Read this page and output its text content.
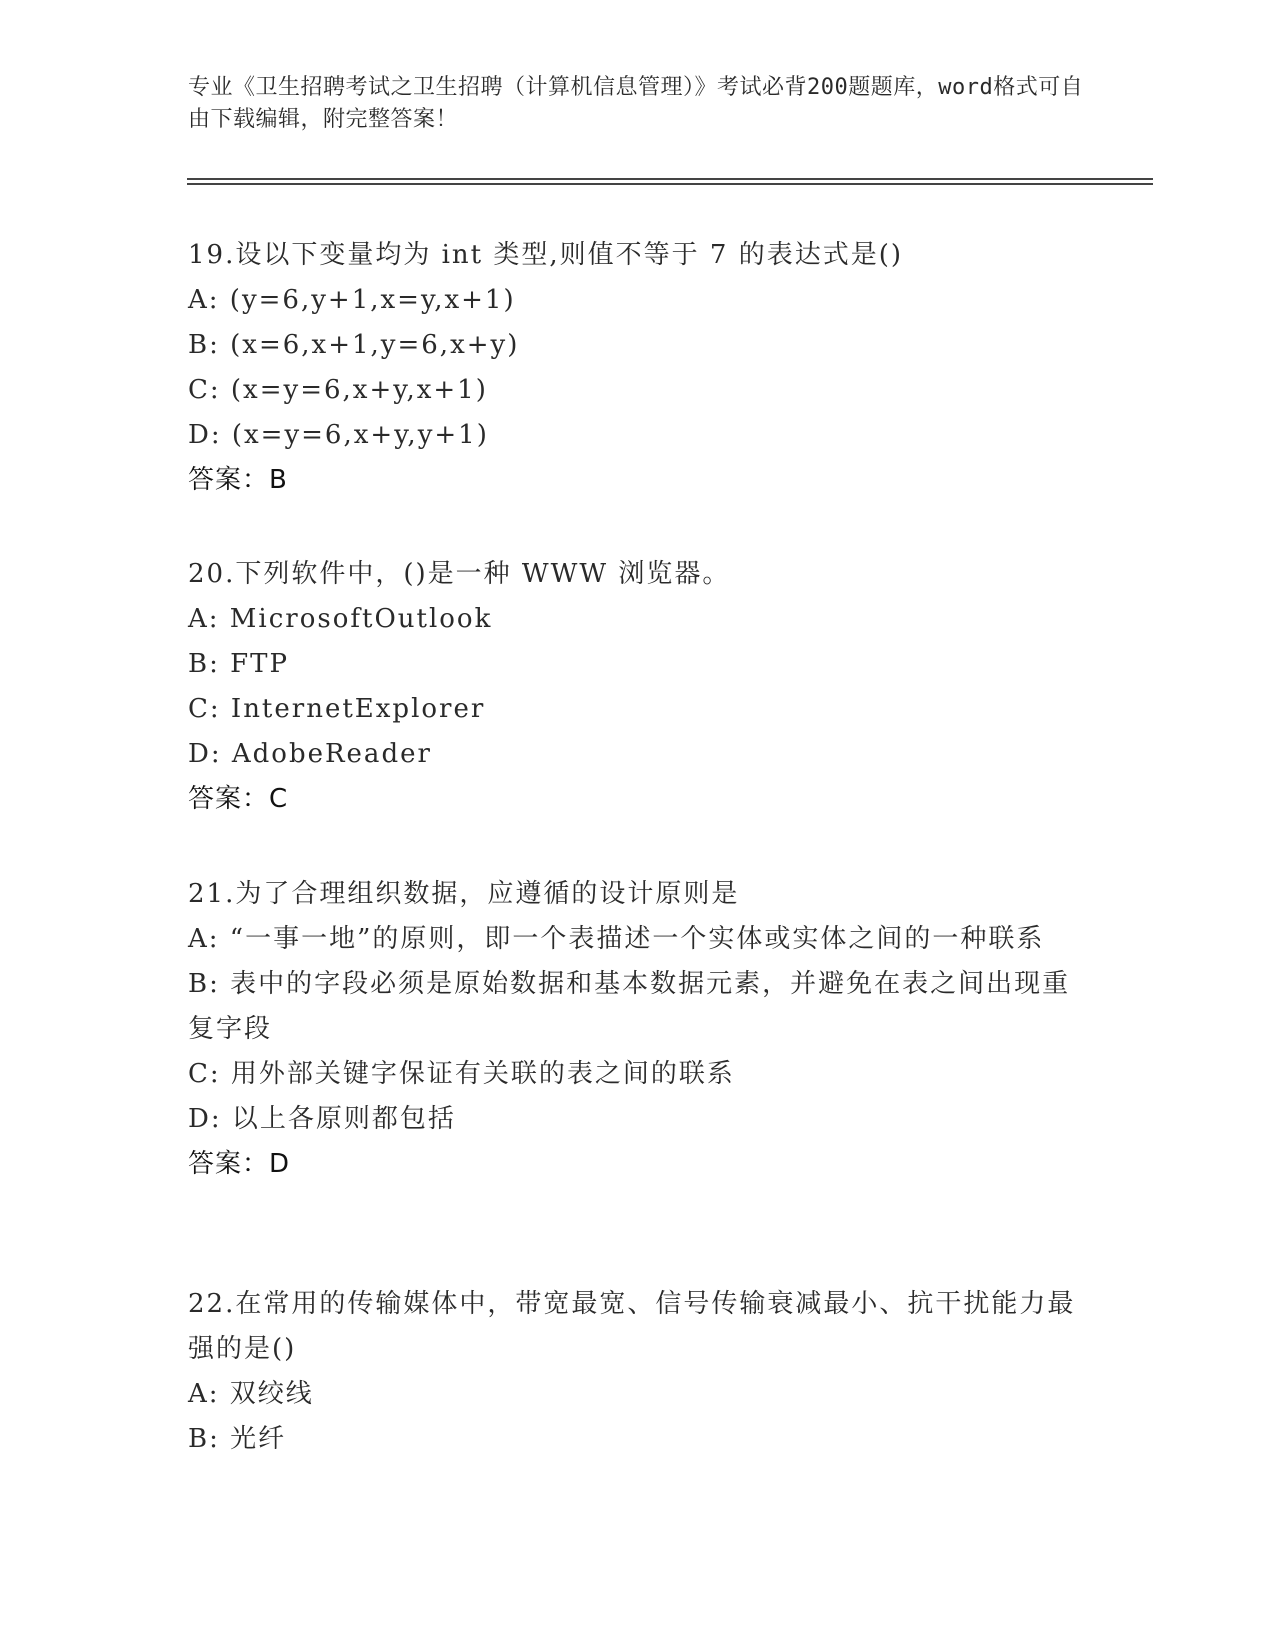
专业《卫生招聘考试之卫生招聘（计算机信息管理）》考试必背200题题库，word格式可自由下载编辑，附完整答案！
19.设以下变量均为 int 类型,则值不等于 7 的表达式是()
A: (y=6,y+1,x=y,x+1)
B: (x=6,x+1,y=6,x+y)
C: (x=y=6,x+y,x+1)
D: (x=y=6,x+y,y+1)
答案：B
20.下列软件中，()是一种 WWW 浏览器。
A: MicrosoftOutlook
B: FTP
C: InternetExplorer
D: AdobeReader
答案：C
21.为了合理组织数据，应遵循的设计原则是
A: “一事一地”的原则，即一个表描述一个实体或实体之间的一种联系
B: 表中的字段必须是原始数据和基本数据元素，并避免在表之间出现重复字段
C: 用外部关键字保证有关联的表之间的联系
D: 以上各原则都包括
答案：D
22.在常用的传输媒体中，带宽最宽、信号传输衰减最小、抗干扰能力最强的是()
A: 双绞线
B: 光纤
